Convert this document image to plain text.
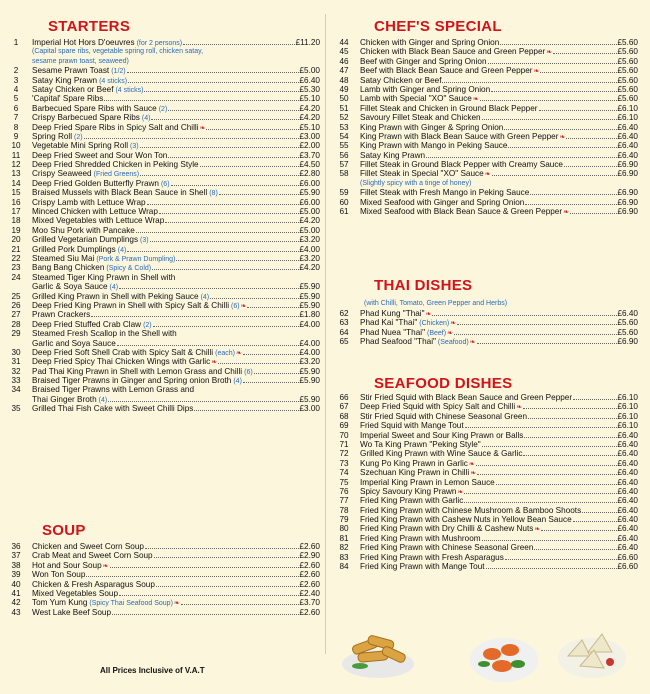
STARTERS
1	Imperial Hot Hors D'oeuvres (for 2 persons)	£11.20
(Capital spare ribs, vegetable spring roll, chicken satay,
sesame prawn toast, seaweed)
2	Sesame Prawn Toast (1/2)	£5.00
3	Satay King Prawn (4 sticks)	£6.40
4	Satay Chicken or Beef (4 sticks)	£5.30
5	'Capital' Spare Ribs	£5.10
6	Barbecued Spare Ribs with Sauce (2)	£4.20
7	Crispy Barbecued Spare Ribs (4)	£4.20
8	Deep Fried Spare Ribs in Spicy Salt and Chilli ❧	£5.10
9	Spring Roll (2)	£3.00
10	Vegetable Mini Spring Roll (3)	£2.00
11	Deep Fried Sweet and Sour Won Ton	£3.70
12	Deep Fried Shredded Chicken in Peking Style	£4.50
13	Crispy Seaweed (Fried Greens)	£2.80
14	Deep Fried Golden Butterfly Prawn (6)	£6.00
15	Braised Mussels with Black Bean Sauce in Shell (8)	£5.90
16	Crispy Lamb with Lettuce Wrap	£6.00
17	Minced Chicken with Lettuce Wrap	£5.00
18	Mixed Vegetables with Lettuce Wrap	£4.20
19	Moo Shu Pork with Pancake	£5.00
20	Grilled Vegetarian Dumplings (3)	£3.20
21	Grilled Pork Dumplings (4)	£4.00
22	Steamed Siu Mai (Pork & Prawn Dumpling)	£3.20
23	Bang Bang Chicken (Spicy & Cold)	£4.20
24	Steamed Tiger King Prawn in Shell with
Garlic & Soya Sauce (4)	£5.90
25	Grilled King Prawn in Shell with Peking Sauce (4)	£5.90
26	Deep Fried King Prawn in Shell with Spicy Salt & Chilli (6) ❧	£5.90
27	Prawn Crackers	£1.80
28	Deep Fried Stuffed Crab Claw (2)	£4.00
29	Steamed Fresh Scallop in the Shell with
Garlic and Soya Sauce	£4.00
30	Deep Fried Soft Shell Crab with Spicy Salt & Chilli (each) ❧	£4.00
31	Deep Fried Spicy Thai Chicken Wings with Garlic ❧	£3.20
32	Pad Thai King Prawn in Shell with Lemon Grass and Chilli (6)	£5.90
33	Braised Tiger Prawns in Ginger and Spring onion Broth (4)	£5.90
34	Braised Tiger Prawns with Lemon Grass and
Thai Ginger Broth (4)	£5.90
35	Grilled Thai Fish Cake with Sweet Chilli Dips	£3.00
SOUP
36	Chicken and Sweet Corn Soup	£2.60
37	Crab Meat and Sweet Corn Soup	£2.90
38	Hot and Sour Soup ❧	£2.60
39	Won Ton Soup	£2.60
40	Chicken & Fresh Asparagus Soup	£2.60
41	Mixed Vegetables Soup	£2.40
42	Tom Yum Kung (Spicy Thai Seafood Soup) ❧	£3.70
43	West Lake Beef Soup	£2.60
CHEF'S SPECIAL
44	Chicken with Ginger and Spring Onion	£5.60
45	Chicken with Black Bean Sauce and Green Pepper ❧	£5.60
46	Beef with Ginger and Spring Onion	£5.60
47	Beef with Black Bean Sauce and Green Pepper ❧	£5.60
48	Satay Chicken or Beef	£5.60
49	Lamb with Ginger and Spring Onion	£5.60
50	Lamb with Special "XO" Sauce ❧	£5.60
51	Fillet Steak and Chicken in Ground Black Pepper	£6.10
52	Savoury Fillet Steak and Chicken	£6.10
53	King Prawn with Ginger & Spring Onion	£6.40
54	King Prawn with Black Bean Sauce with Green Pepper ❧	£6.40
55	King Prawn with Mango in Peking Sauce	£6.40
56	Satay King Prawn	£6.40
57	Fillet Steak in Ground Black Pepper with Creamy Sauce	£6.90
58	Fillet Steak in Special "XO" Sauce ❧	£6.90
(Slightly spicy with a tinge of honey)
59	Fillet Steak with Fresh Mango in Peking Sauce	£6.90
60	Mixed Seafood with Ginger and Spring Onion	£6.90
61	Mixed Seafood with Black Bean Sauce & Green Pepper ❧	£6.90
THAI DISHES
(with Chilli, Tomato, Green Pepper and Herbs)
62	Phad Kung "Thai" ❧	£6.40
63	Phad Kai "Thai" (Chicken) ❧	£5.60
64	Phad Nuea "Thai" (Beef) ❧	£5.60
65	Phad Seafood "Thai" (Seafood) ❧	£6.90
SEAFOOD DISHES
66	Stir Fried Squid with Black Bean Sauce and Green Pepper	£6.10
67	Deep Fried Squid with Spicy Salt and Chilli ❧	£6.10
68	Stir Fried Squid with Chinese Seasonal Green	£6.10
69	Fried Squid with Mange Tout	£6.10
70	Imperial Sweet and Sour King Prawn or Balls	£6.40
71	Wo Ta King Prawn "Peking Style"	£6.40
72	Grilled King Prawn with Wine Sauce & Garlic	£6.40
73	Kung Po King Prawn in Garlic ❧	£6.40
74	Szechuan King Prawn in Chilli ❧	£6.40
75	Imperial King Prawn in Lemon Sauce	£6.40
76	Spicy Savoury King Prawn ❧	£6.40
77	Fried King Prawn with Garlic	£6.40
78	Fried King Prawn with Chinese Mushroom & Bamboo Shoots	£6.40
79	Fried King Prawn with Cashew Nuts in Yellow Bean Sauce	£6.40
80	Fried King Prawn with Dry Chilli & Cashew Nuts ❧	£6.40
81	Fried King Prawn with Mushroom	£6.40
82	Fried King Prawn with Chinese Seasonal Green	£6.40
83	Fried King Prawn with Fresh Asparagus	£6.60
84	Fried King Prawn with Mange Tout	£6.60
All Prices Inclusive of V.A.T
